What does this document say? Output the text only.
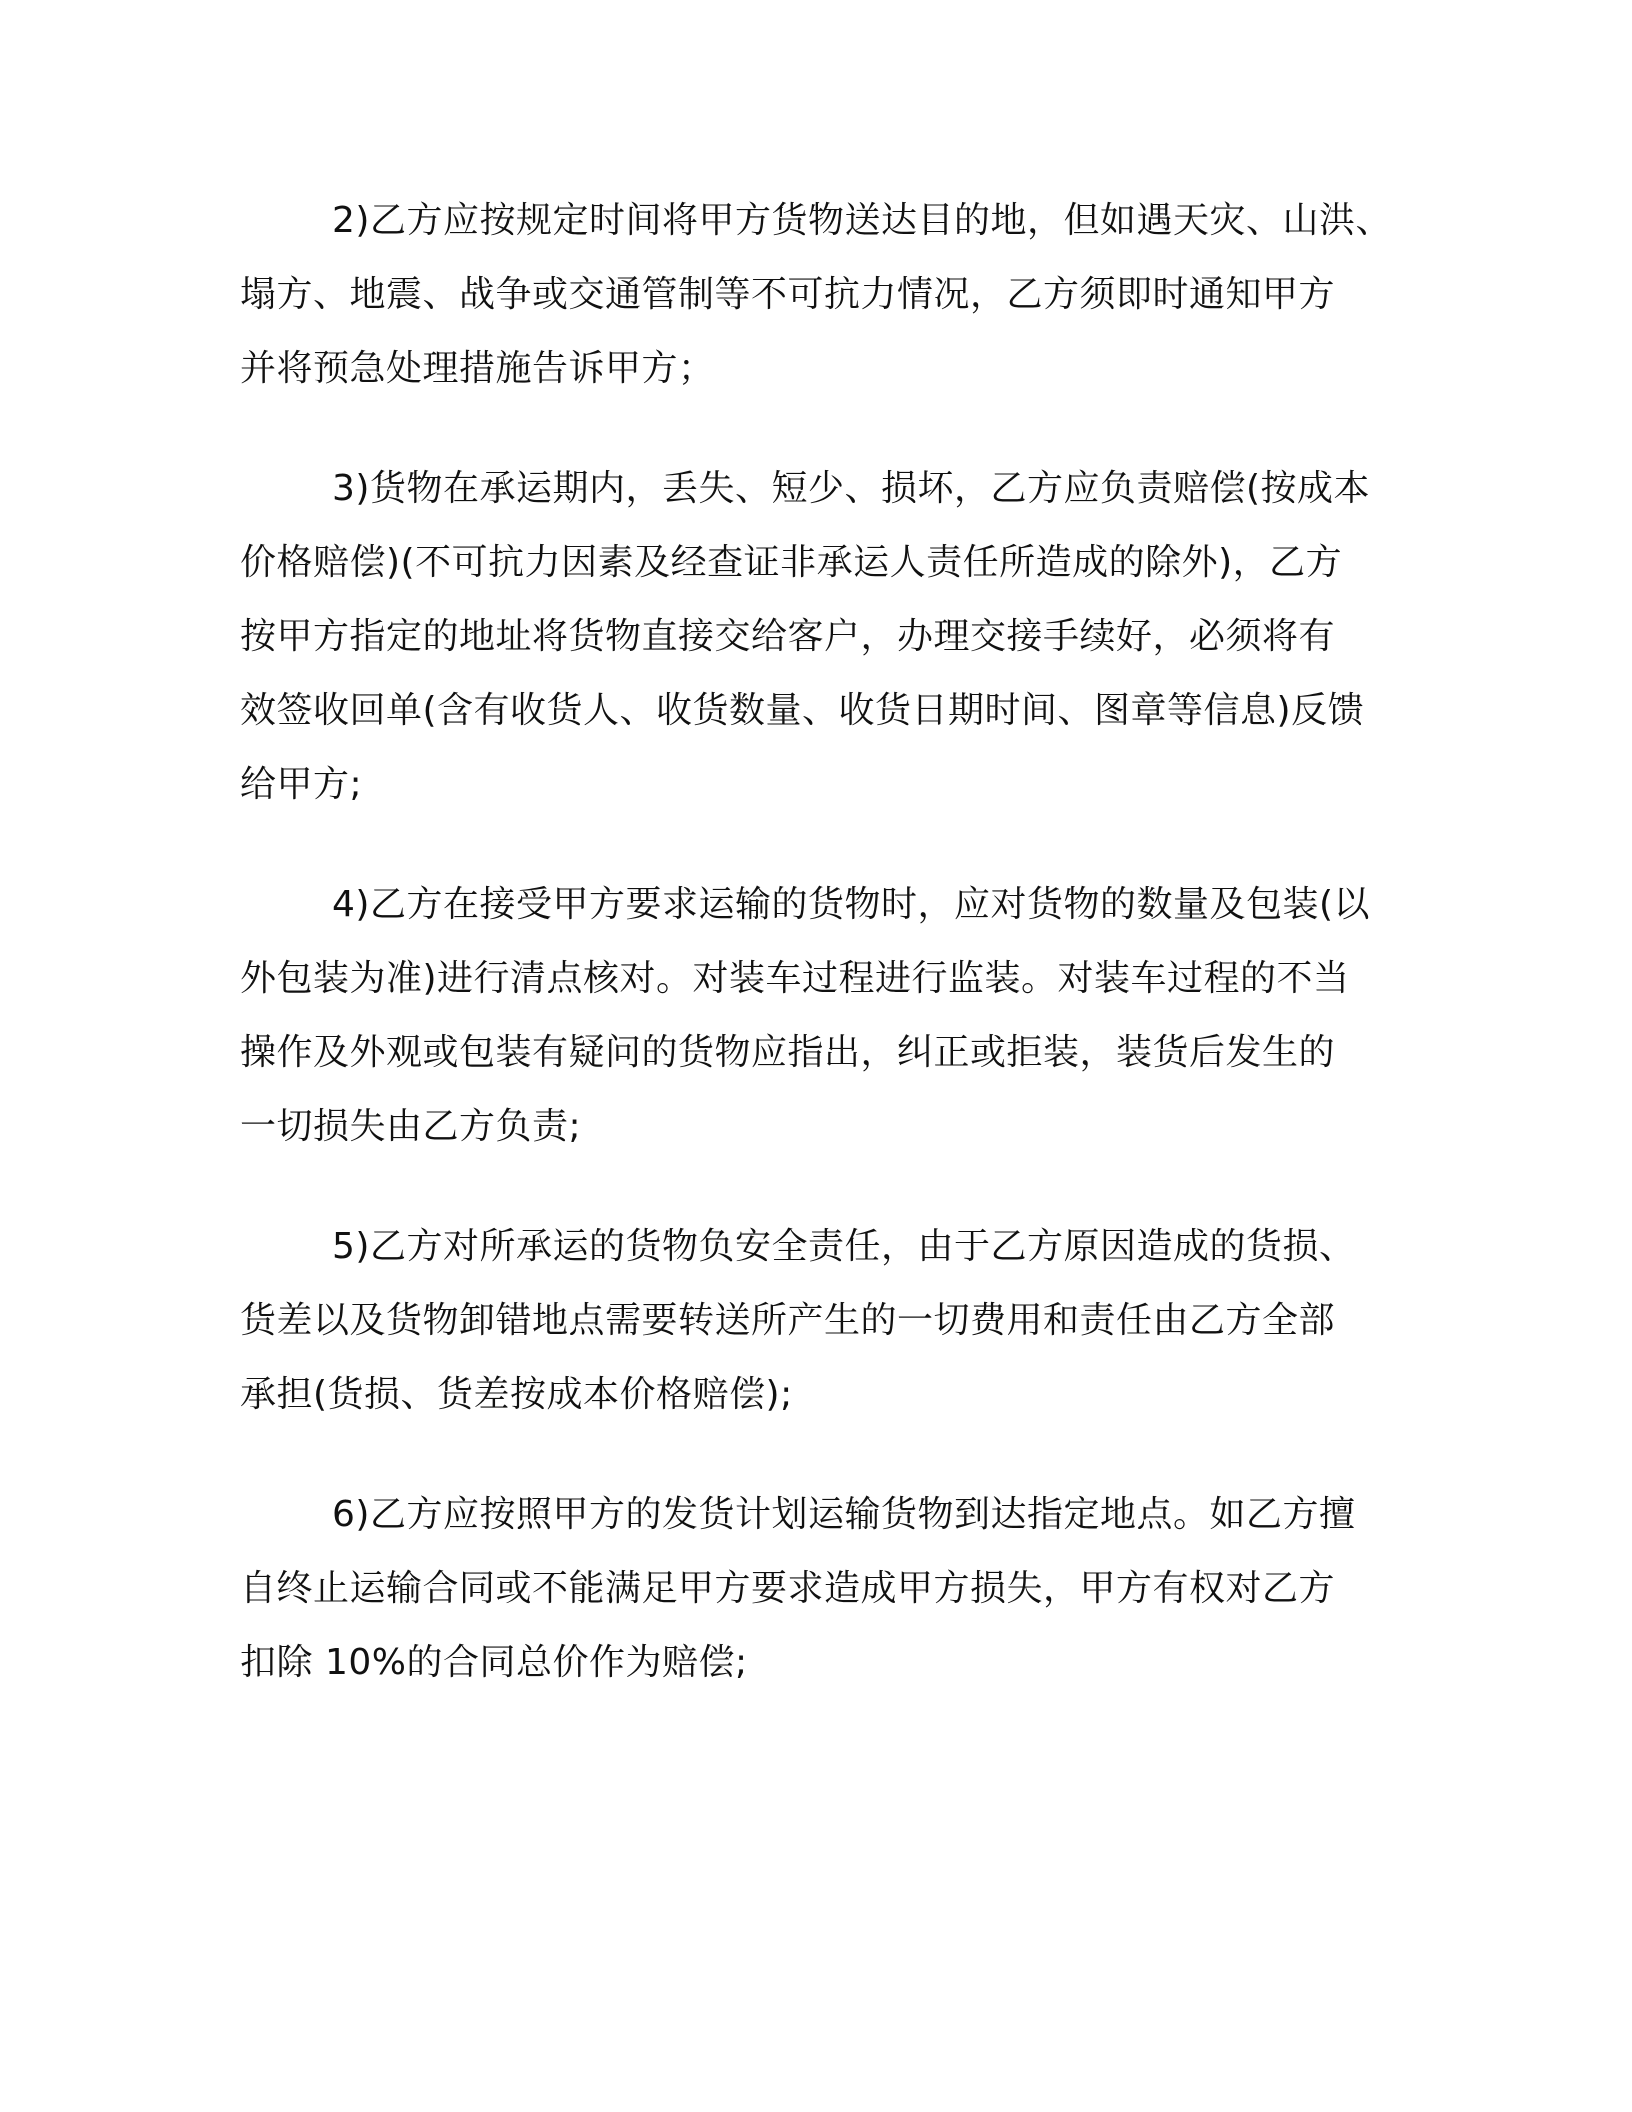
2)乙方应按规定时间将甲方货物送达目的地，但如遇天灾、山洪、
塌方、地震、战争或交通管制等不可抗力情况，乙方须即时通知甲方
并将预急处理措施告诉甲方；

3)货物在承运期内，丢失、短少、损坏，乙方应负责赔偿(按成本
价格赔偿)(不可抗力因素及经查证非承运人责任所造成的除外)，乙方
按甲方指定的地址将货物直接交给客户，办理交接手续好，必须将有
效签收回单(含有收货人、收货数量、收货日期时间、图章等信息)反馈
给甲方;

4)乙方在接受甲方要求运输的货物时，应对货物的数量及包装(以
外包装为准)进行清点核对。对装车过程进行监装。对装车过程的不当
操作及外观或包装有疑问的货物应指出，纠正或拒装，装货后发生的
一切损失由乙方负责;

5)乙方对所承运的货物负安全责任，由于乙方原因造成的货损、
货差以及货物卸错地点需要转送所产生的一切费用和责任由乙方全部
承担(货损、货差按成本价格赔偿);

6)乙方应按照甲方的发货计划运输货物到达指定地点。如乙方擅
自终止运输合同或不能满足甲方要求造成甲方损失，甲方有权对乙方
扣除 10%的合同总价作为赔偿;
